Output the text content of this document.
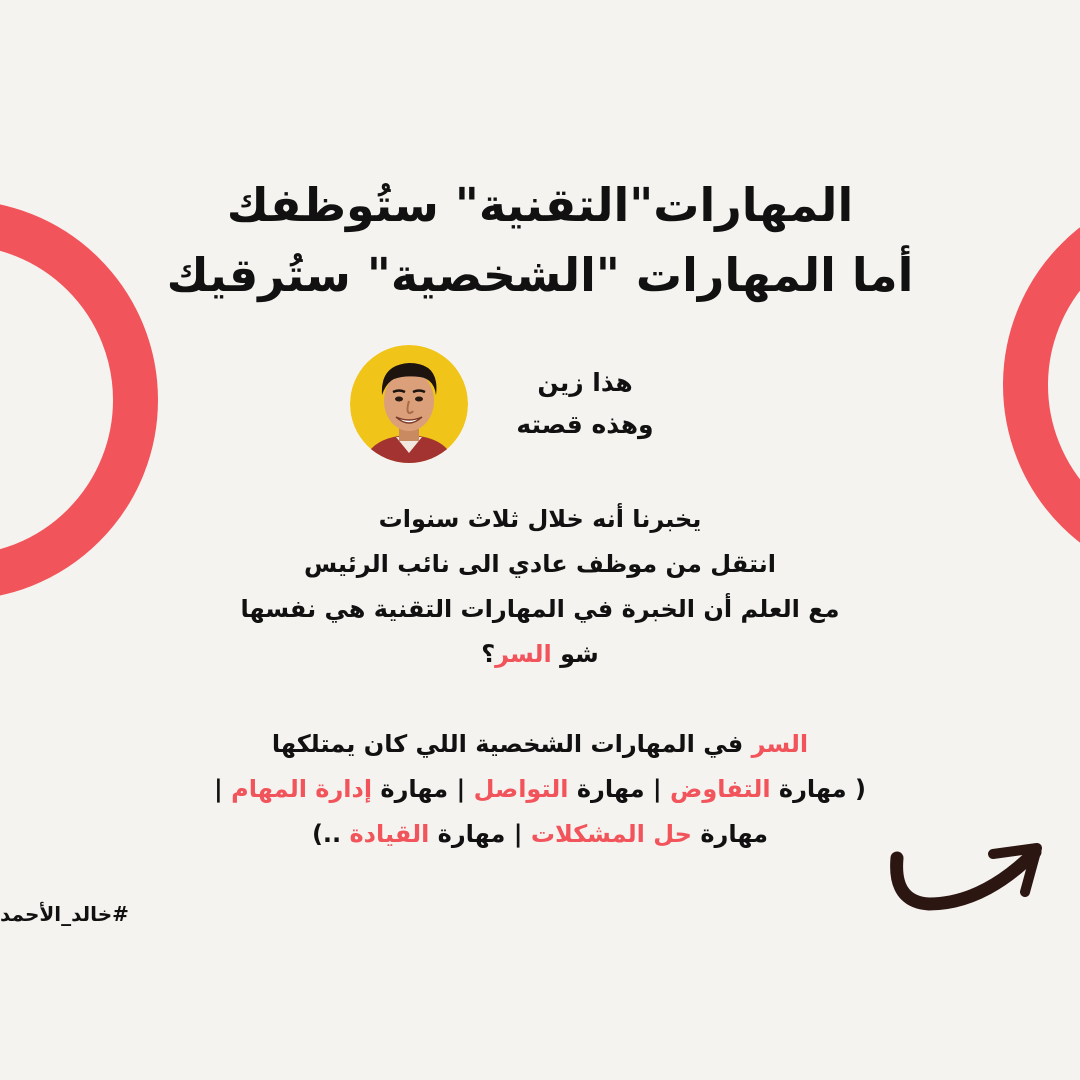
المهارات"التقنية" ستُوظفك
أما المهارات "الشخصية" ستُرقيك
هذا زين
وهذه قصته
يخبرنا أنه خلال ثلاث سنوات
انتقل من موظف عادي الى نائب الرئيس
مع العلم أن الخبرة في المهارات التقنية هي نفسها
شو السر؟
السر في المهارات الشخصية اللي كان يمتلكها
( مهارة التفاوض | مهارة التواصل | مهارة إدارة المهام |
مهارة حل المشكلات | مهارة القيادة ..)
#خالد_الأحمد
